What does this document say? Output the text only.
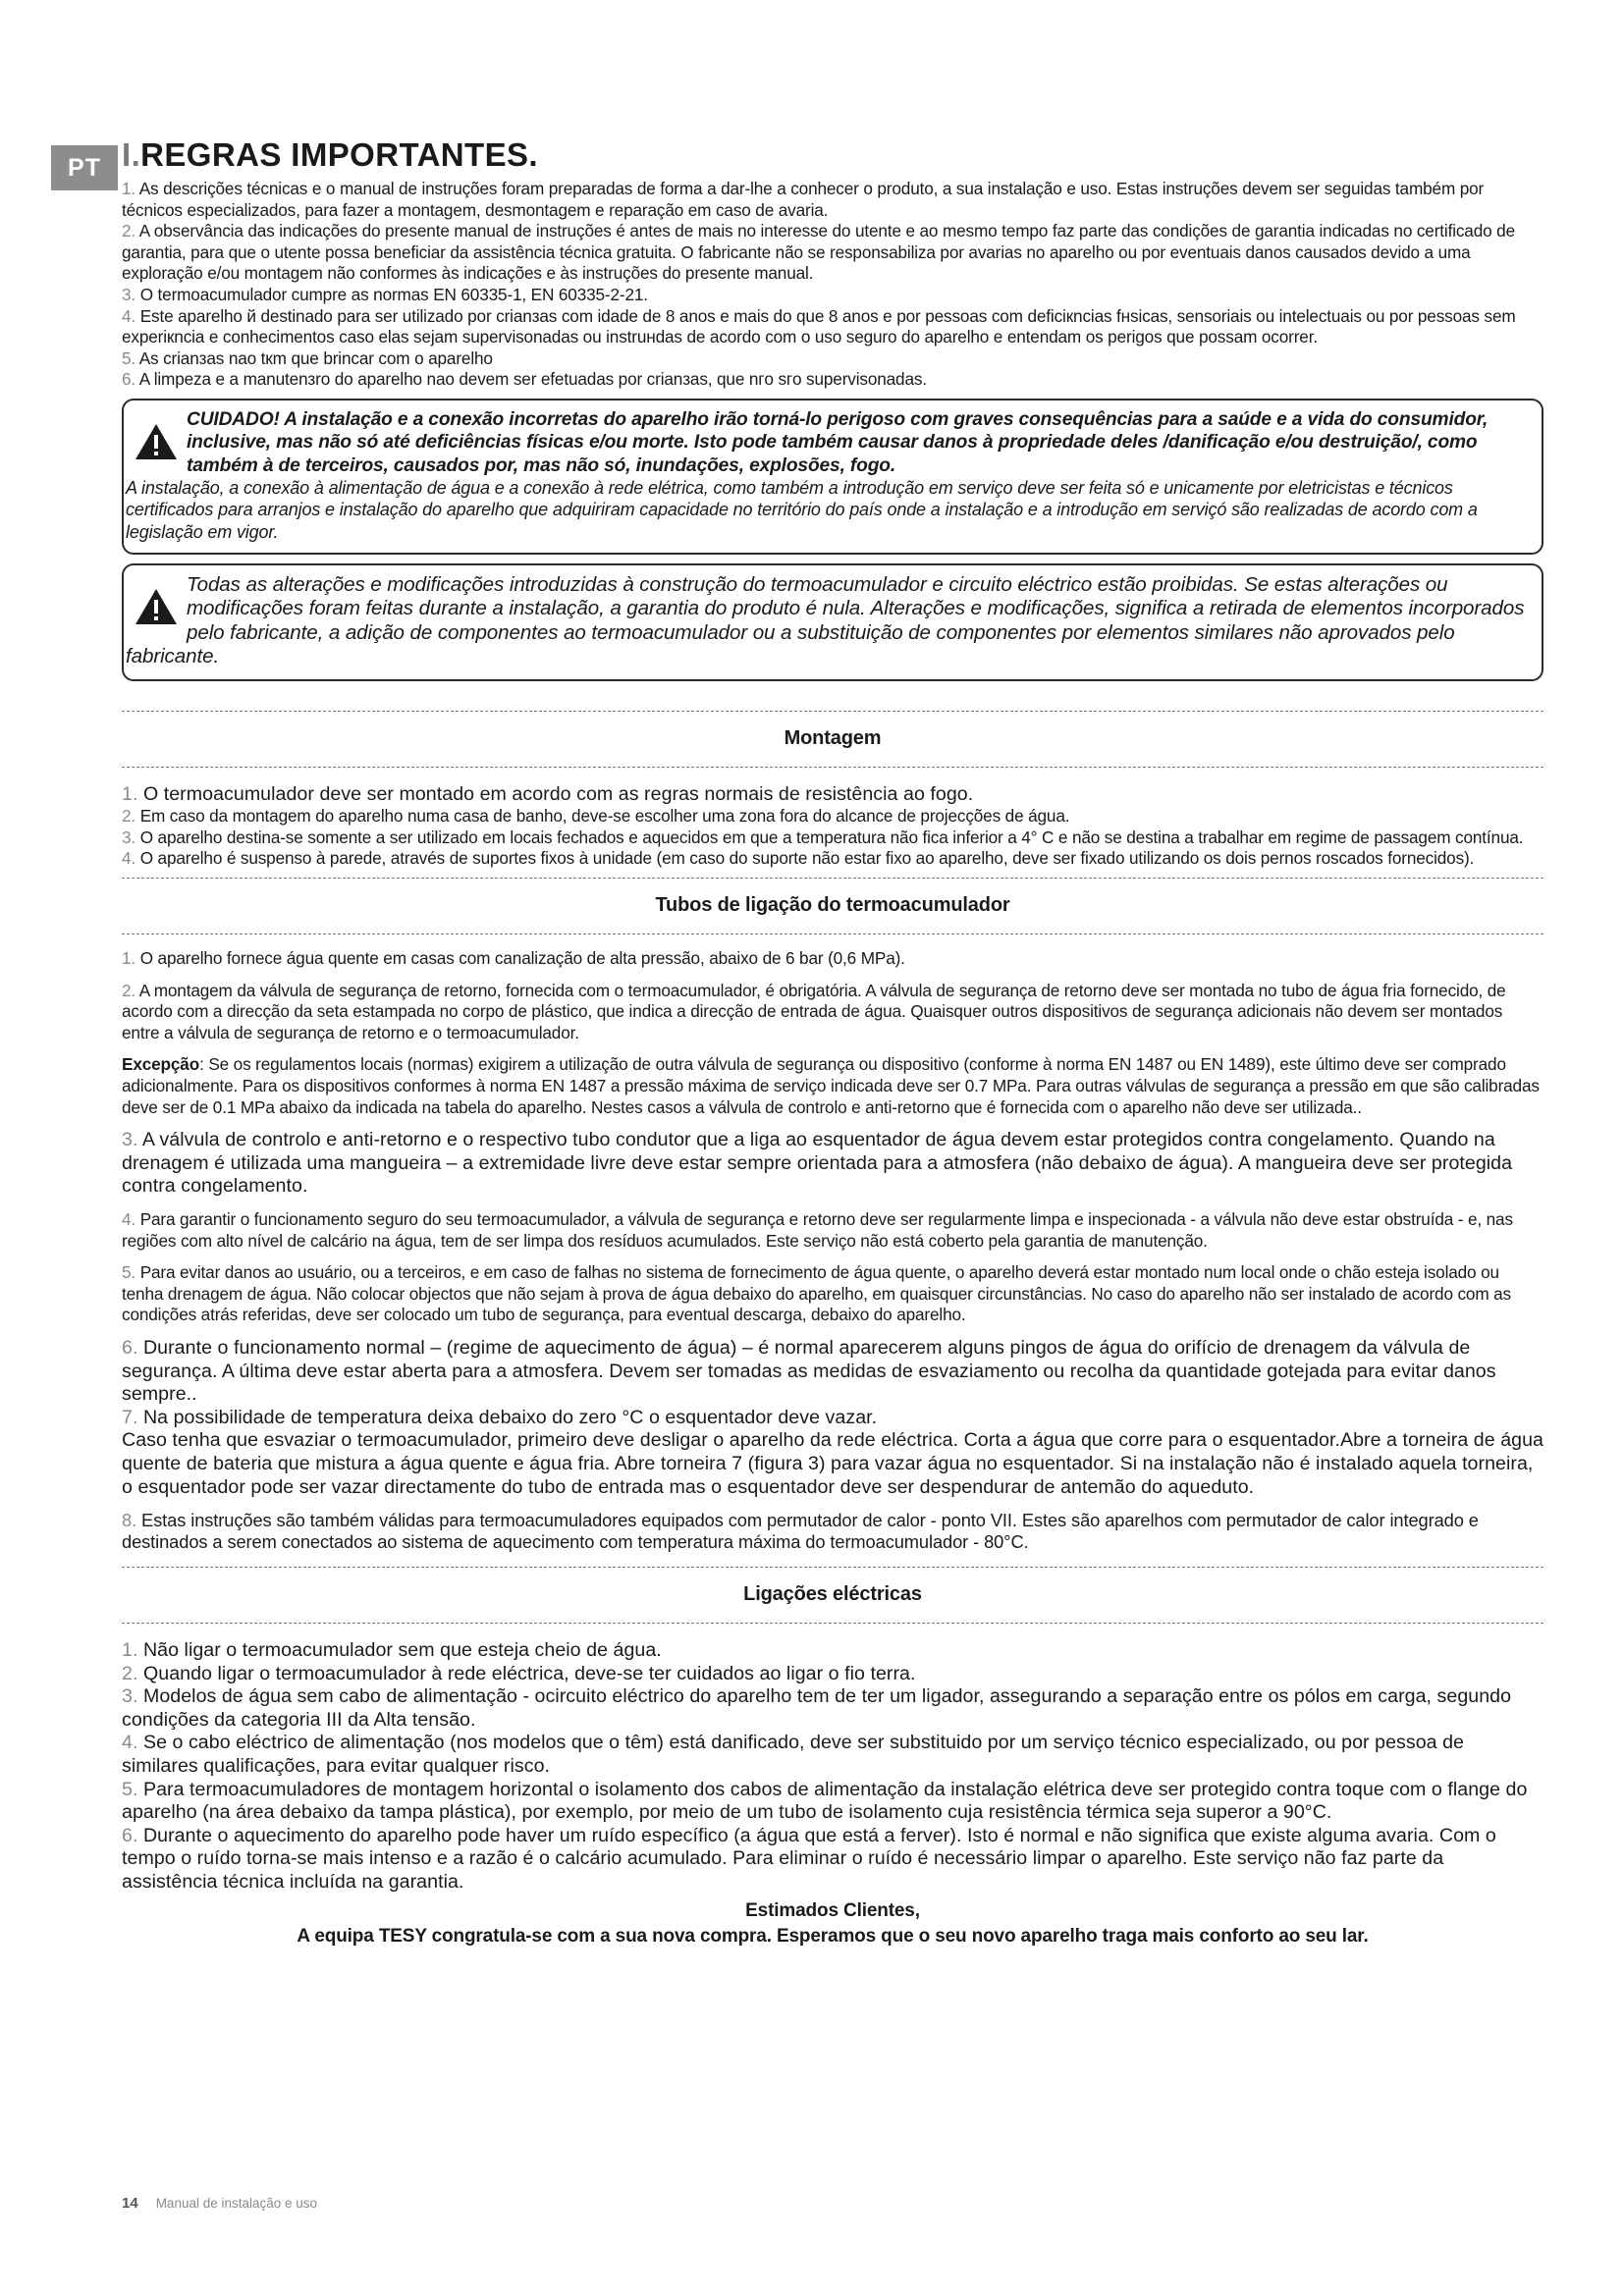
PT I.REGRAS IMPORTANTES.

1. As descrições técnicas e o manual de instruções foram preparadas de forma a dar-lhe a conhecer o produto, a sua instalação e uso. Estas instruções devem ser seguidas também por técnicos especializados, para fazer a montagem, desmontagem e reparação em caso de avaria.

2. A observância das indicações do presente manual de instruções é antes de mais no interesse do utente e ao mesmo tempo faz parte das condições de garantia indicadas no certificado de garantia, para que o utente possa beneficiar da assistência técnica gratuita. O fabricante não se responsabiliza por avarias no aparelho ou por eventuais danos causados devido a uma exploração e/ou montagem não conformes às indicações e às instruções do presente manual.

3. O termoacumulador cumpre as normas EN 60335-1, EN 60335-2-21.

4. Este aparelho й destinado para ser utilizado por crianзas com idade de 8 anos e mais do que 8 anos e por pessoas com deficiкncias fнsicas, sensoriais ou intelectuais ou por pessoas sem experiкncia e conhecimentos caso elas sejam supervisonadas ou instruнdas de acordo com o uso seguro do aparelho e entendam os perigos que possam ocorrer.

5. As crianзas nao tкm que brincar com o aparelho

6. A limpeza e a manutenзro do aparelho nao devem ser efetuadas por crianзas, que nгo sгo supervisonadas.

CUIDADO! A instalação e a conexão incorretas do aparelho irão torná-lo perigoso com graves consequências para a saúde e a vida do consumidor, inclusive, mas não só até deficiências físicas e/ou morte. Isto pode também causar danos à propriedade deles /danificação e/ou destruição/, como também à de terceiros, causados por, mas não só, inundações, explosões, fogo.

A instalação, a conexão à alimentação de água e a conexão à rede elétrica, como também a introdução em serviço deve ser feita só e unicamente por eletricistas e técnicos certificados para arranjos e instalação do aparelho que adquiriram capacidade no território do país onde a instalação e a introdução em serviçó são realizadas de acordo com a legislação em vigor.

Todas as alterações e modificações introduzidas à construção do termoacumulador e circuito eléctrico estão proibidas. Se estas alterações ou modificações foram feitas durante a instalação, a garantia do produto é nula. Alterações e modificações, significa a retirada de elementos incorporados pelo fabricante, a adição de componentes ao termoacumulador ou a substituição de componentes por elementos similares não aprovados pelo fabricante.

Montagem

1. O termoacumulador deve ser montado em acordo com as regras normais de resistência ao fogo.

2. Em caso da montagem do aparelho numa casa de banho, deve-se escolher uma zona fora do alcance de projecções de água.

3. O aparelho destina-se somente a ser utilizado em locais fechados e aquecidos em que a temperatura não fica inferior a 4° C e não se destina a trabalhar em regime de passagem contínua.

4. O aparelho é suspenso à parede, através de suportes fixos à unidade (em caso do suporte não estar fixo ao aparelho, deve ser fixado utilizando os dois pernos roscados fornecidos).

Tubos de ligação do termoacumulador

1. O aparelho fornece água quente em casas com canalização de alta pressão, abaixo de 6 bar (0,6 MPa).

2. A montagem da válvula de segurança de retorno, fornecida com o termoacumulador, é obrigatória. A válvula de segurança de retorno deve ser montada no tubo de água fria fornecido, de acordo com a direcção da seta estampada no corpo de plástico, que indica a direcção de entrada de água. Quaisquer outros dispositivos de segurança adicionais não devem ser montados entre a válvula de segurança de retorno e o termoacumulador.

Excepção: Se os regulamentos locais (normas) exigirem a utilização de outra válvula de segurança ou dispositivo (conforme à norma EN 1487 ou EN 1489), este último deve ser comprado adicionalmente. Para os dispositivos conformes à norma EN 1487 a pressão máxima de serviço indicada deve ser 0.7 MPa. Para outras válvulas de segurança a pressão em que são calibradas deve ser de 0.1 MPa abaixo da indicada na tabela do aparelho. Nestes casos a válvula de controlo e anti-retorno que é fornecida com o aparelho não deve ser utilizada..

3. A válvula de controlo e anti-retorno e o respectivo tubo condutor que a liga ao esquentador de água devem estar protegidos contra congelamento. Quando na drenagem é utilizada uma mangueira – a extremidade livre deve estar sempre orientada para a atmosfera (não debaixo de água). A mangueira deve ser protegida contra congelamento.

4. Para garantir o funcionamento seguro do seu termoacumulador, a válvula de segurança e retorno deve ser regularmente limpa e inspecionada - a válvula não deve estar obstruída - e, nas regiões com alto nível de calcário na água, tem de ser limpa dos resíduos acumulados. Este serviço não está coberto pela garantia de manutenção.

5. Para evitar danos ao usuário, ou a terceiros, e em caso de falhas no sistema de fornecimento de água quente, o aparelho deverá estar montado num local onde o chão esteja isolado ou tenha drenagem de água. Não colocar objectos que não sejam à prova de água debaixo do aparelho, em quaisquer circunstâncias. No caso do aparelho não ser instalado de acordo com as condições atrás referidas, deve ser colocado um tubo de segurança, para eventual descarga, debaixo do aparelho.

6. Durante o funcionamento normal – (regime de aquecimento de água) – é normal aparecerem alguns pingos de água do orifício de drenagem da válvula de segurança. A última deve estar aberta para a atmosfera. Devem ser tomadas as medidas de esvaziamento ou recolha da quantidade gotejada para evitar danos sempre..

7. Na possibilidade de temperatura deixa debaixo do zero °C o esquentador deve vazar.

Caso tenha que esvaziar o termoacumulador, primeiro deve desligar o aparelho da rede eléctrica. Corta a água que corre para o esquentador.Abre a torneira de água quente de bateria que mistura a água quente e água fria. Abre torneira 7 (figura 3) para vazar água no esquentador. Si na instalação não é instalado aquela torneira, o esquentador pode ser vazar directamente do tubo de entrada mas o esquentador deve ser despendurar de antemão do aqueduto.

8. Estas instruções são também válidas para termoacumuladores equipados com permutador de calor - ponto VII. Estes são aparelhos com permutador de calor integrado e destinados a serem conectados ao sistema de aquecimento com temperatura máxima do termoacumulador - 80°C.

Ligações eléctricas

1. Não ligar o termoacumulador sem que esteja cheio de água.

2. Quando ligar o termoacumulador à rede eléctrica, deve-se ter cuidados ao ligar o fio terra.

3. Modelos de água sem cabo de alimentação - ocircuito eléctrico do aparelho tem de ter um ligador, assegurando a separação entre os pólos em carga, segundo condições da categoria III da Alta tensão.

4. Se o cabo eléctrico de alimentação (nos modelos que o têm) está danificado, deve ser substituido por um serviço técnico especializado, ou por pessoa de similares qualificações, para evitar qualquer risco.

5. Para termoacumuladores de montagem horizontal o isolamento dos cabos de alimentação da instalação elétrica deve ser protegido contra toque com o flange do aparelho (na área debaixo da tampa plástica), por exemplo, por meio de um tubo de isolamento cuja resistência térmica seja superor a 90°C.

6. Durante o aquecimento do aparelho pode haver um ruído específico (a água que está a ferver). Isto é normal e não significa que existe alguma avaria. Com o tempo o ruído torna-se mais intenso e a razão é o calcário acumulado. Para eliminar o ruído é necessário limpar o aparelho. Este serviço não faz parte da assistência técnica incluída na garantia.

Estimados Clientes,
A equipa TESY congratula-se com a sua nova compra. Esperamos que o seu novo aparelho traga mais conforto ao seu lar.
14 Manual de instalação e uso
